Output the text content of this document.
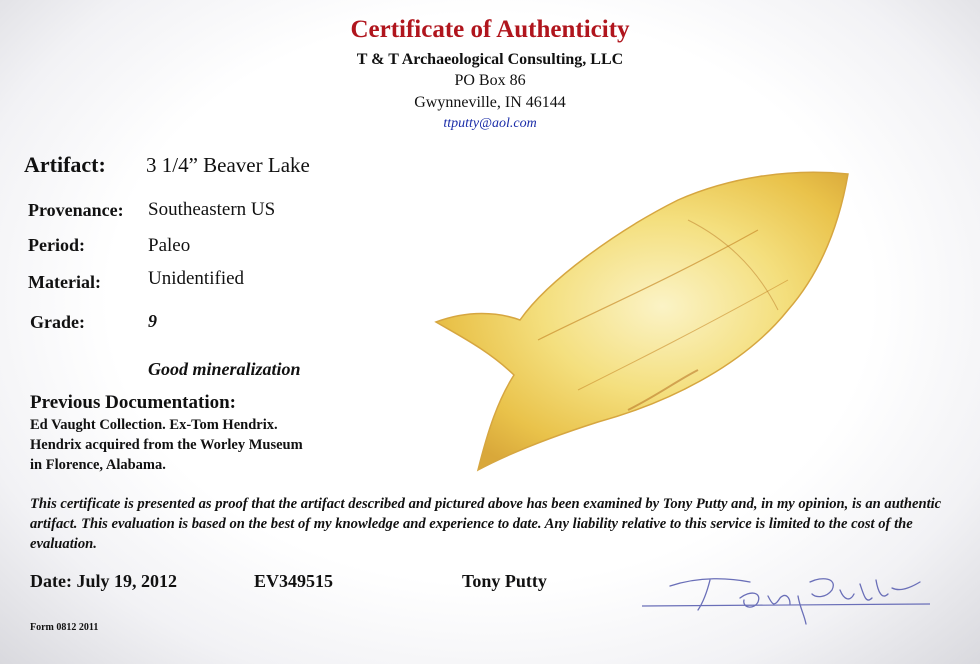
Certificate of Authenticity
T & T Archaeological Consulting, LLC
PO Box 86
Gwynneville, IN 46144
ttputty@aol.com
Artifact: 3 1/4” Beaver Lake
Provenance: Southeastern US
Period:	Paleo
Material: Unidentified
Grade:	9
Good mineralization
Previous Documentation:
Ed Vaught Collection. Ex-Tom Hendrix.
Hendrix acquired from the Worley Museum
in Florence, Alabama.
This certificate is presented as proof that the artifact described and pictured above has been examined by Tony Putty and, in my opinion, is an authentic artifact. This evaluation is based on the best of my knowledge and experience to date. Any liability relative to this service is limited to the cost of the evaluation.
Date: July 19, 2012	EV349515	Tony Putty
Form 0812 2011
